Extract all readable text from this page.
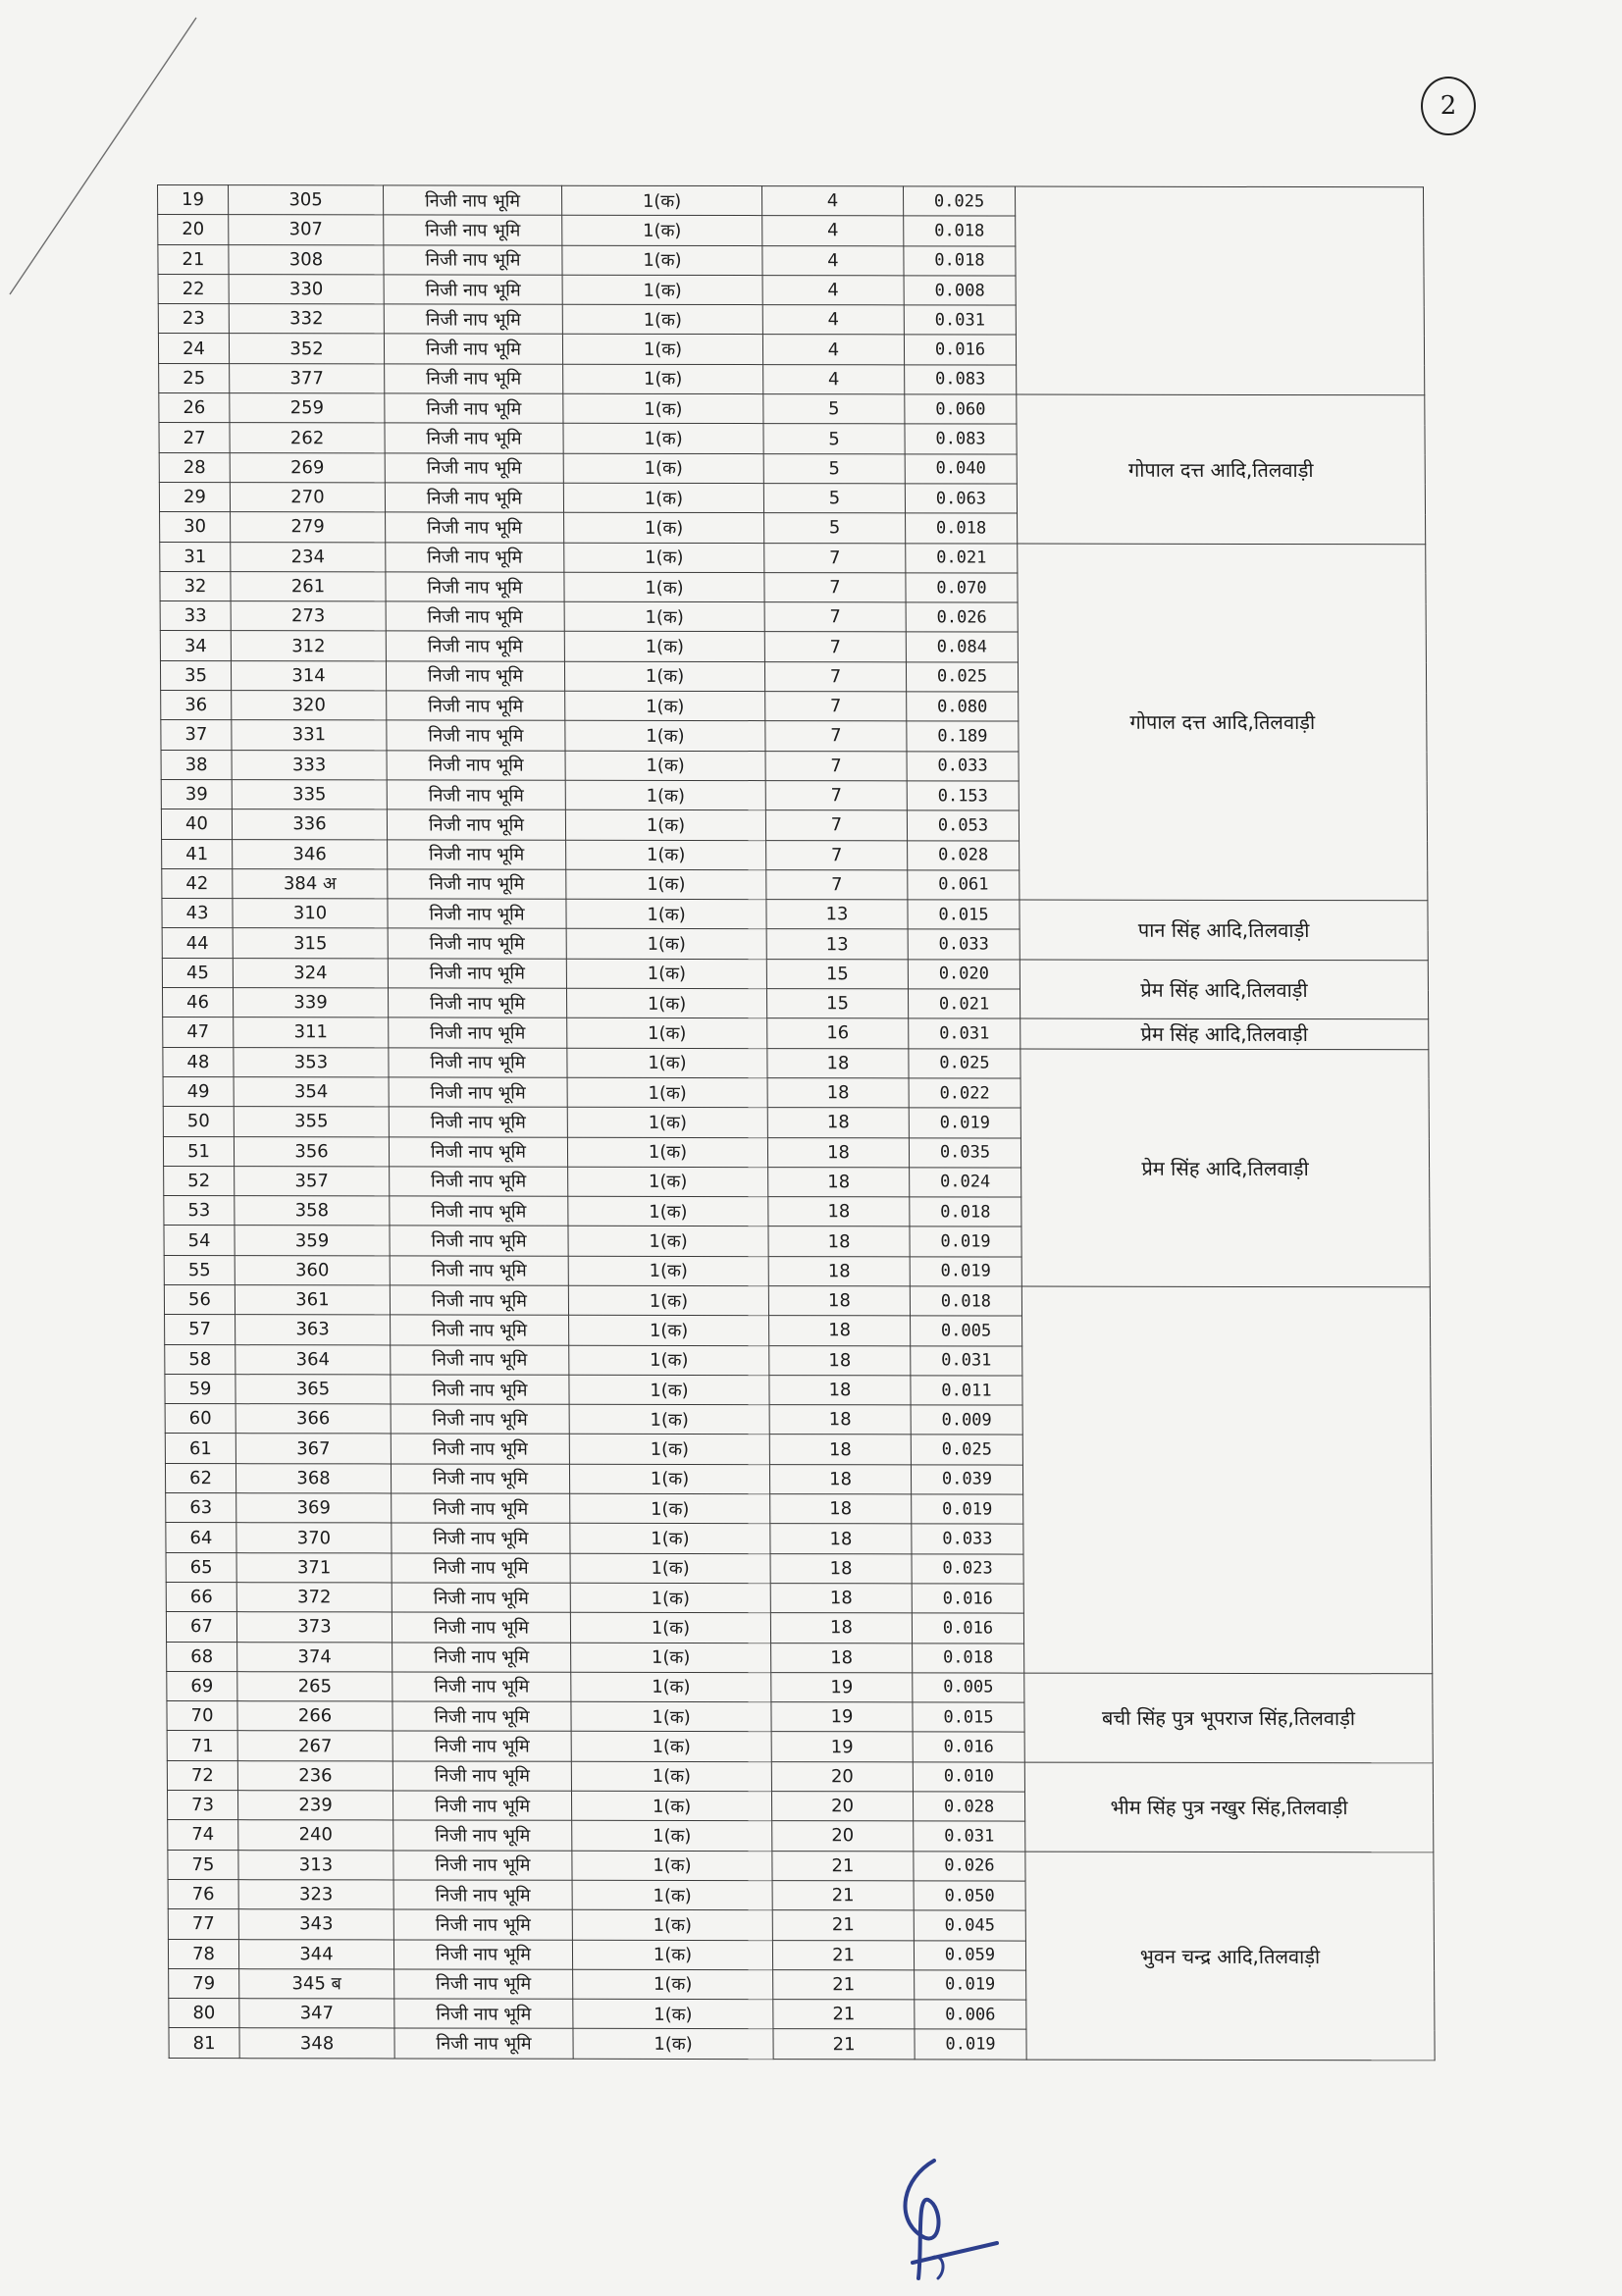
2
19	305	निजी नाप भूमि	1(क)	4	0.025	
20	307	निजी नाप भूमि	1(क)	4	0.018	
21	308	निजी नाप भूमि	1(क)	4	0.018	
22	330	निजी नाप भूमि	1(क)	4	0.008	
23	332	निजी नाप भूमि	1(क)	4	0.031	
24	352	निजी नाप भूमि	1(क)	4	0.016	
25	377	निजी नाप भूमि	1(क)	4	0.083	
26	259	निजी नाप भूमि	1(क)	5	0.060	गोपाल दत्त आदि,तिलवाड़ी
27	262	निजी नाप भूमि	1(क)	5	0.083	
28	269	निजी नाप भूमि	1(क)	5	0.040	
29	270	निजी नाप भूमि	1(क)	5	0.063	
30	279	निजी नाप भूमि	1(क)	5	0.018	
31	234	निजी नाप भूमि	1(क)	7	0.021	गोपाल दत्त आदि,तिलवाड़ी
32	261	निजी नाप भूमि	1(क)	7	0.070	
33	273	निजी नाप भूमि	1(क)	7	0.026	
34	312	निजी नाप भूमि	1(क)	7	0.084	
35	314	निजी नाप भूमि	1(क)	7	0.025	
36	320	निजी नाप भूमि	1(क)	7	0.080	
37	331	निजी नाप भूमि	1(क)	7	0.189	
38	333	निजी नाप भूमि	1(क)	7	0.033	
39	335	निजी नाप भूमि	1(क)	7	0.153	
40	336	निजी नाप भूमि	1(क)	7	0.053	
41	346	निजी नाप भूमि	1(क)	7	0.028	
42	384 अ	निजी नाप भूमि	1(क)	7	0.061	
43	310	निजी नाप भूमि	1(क)	13	0.015	पान सिंह आदि,तिलवाड़ी
44	315	निजी नाप भूमि	1(क)	13	0.033	
45	324	निजी नाप भूमि	1(क)	15	0.020	प्रेम सिंह आदि,तिलवाड़ी
46	339	निजी नाप भूमि	1(क)	15	0.021	
47	311	निजी नाप भूमि	1(क)	16	0.031	प्रेम सिंह आदि,तिलवाड़ी
48	353	निजी नाप भूमि	1(क)	18	0.025	प्रेम सिंह आदि,तिलवाड़ी
49	354	निजी नाप भूमि	1(क)	18	0.022	
50	355	निजी नाप भूमि	1(क)	18	0.019	
51	356	निजी नाप भूमि	1(क)	18	0.035	
52	357	निजी नाप भूमि	1(क)	18	0.024	
53	358	निजी नाप भूमि	1(क)	18	0.018	
54	359	निजी नाप भूमि	1(क)	18	0.019	
55	360	निजी नाप भूमि	1(क)	18	0.019	
56	361	निजी नाप भूमि	1(क)	18	0.018	
57	363	निजी नाप भूमि	1(क)	18	0.005	
58	364	निजी नाप भूमि	1(क)	18	0.031	
59	365	निजी नाप भूमि	1(क)	18	0.011	
60	366	निजी नाप भूमि	1(क)	18	0.009	
61	367	निजी नाप भूमि	1(क)	18	0.025	
62	368	निजी नाप भूमि	1(क)	18	0.039	
63	369	निजी नाप भूमि	1(क)	18	0.019	
64	370	निजी नाप भूमि	1(क)	18	0.033	
65	371	निजी नाप भूमि	1(क)	18	0.023	
66	372	निजी नाप भूमि	1(क)	18	0.016	
67	373	निजी नाप भूमि	1(क)	18	0.016	
68	374	निजी नाप भूमि	1(क)	18	0.018	
69	265	निजी नाप भूमि	1(क)	19	0.005	बची सिंह पुत्र भूपराज सिंह,तिलवाड़ी
70	266	निजी नाप भूमि	1(क)	19	0.015	
71	267	निजी नाप भूमि	1(क)	19	0.016	
72	236	निजी नाप भूमि	1(क)	20	0.010	भीम सिंह पुत्र नखुर सिंह,तिलवाड़ी
73	239	निजी नाप भूमि	1(क)	20	0.028	
74	240	निजी नाप भूमि	1(क)	20	0.031	
75	313	निजी नाप भूमि	1(क)	21	0.026	भुवन चन्द्र आदि,तिलवाड़ी
76	323	निजी नाप भूमि	1(क)	21	0.050	
77	343	निजी नाप भूमि	1(क)	21	0.045	
78	344	निजी नाप भूमि	1(क)	21	0.059	
79	345 ब	निजी नाप भूमि	1(क)	21	0.019	
80	347	निजी नाप भूमि	1(क)	21	0.006	
81	348	निजी नाप भूमि	1(क)	21	0.019	
